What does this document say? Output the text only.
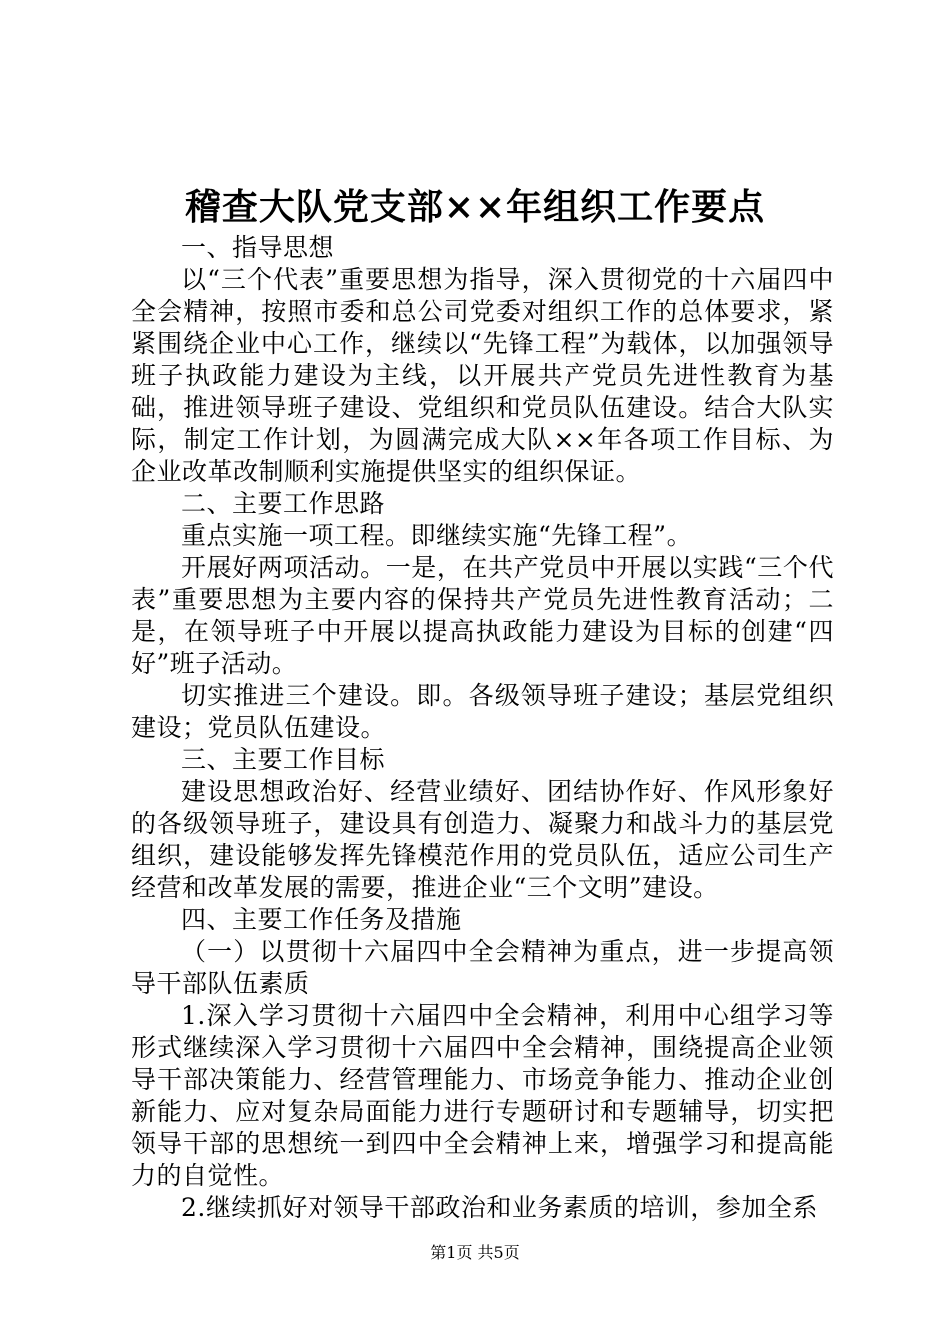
稽查大队党支部××年组织工作要点

一、指导思想

以“三个代表”重要思想为指导，深入贯彻党的十六届四中全会精神，按照市委和总公司党委对组织工作的总体要求，紧紧围绕企业中心工作，继续以“先锋工程”为载体，以加强领导班子执政能力建设为主线，以开展共产党员先进性教育为基础，推进领导班子建设、党组织和党员队伍建设。结合大队实际，制定工作计划，为圆满完成大队××年各项工作目标、为企业改革改制顺利实施提供坚实的组织保证。

二、主要工作思路

重点实施一项工程。即继续实施“先锋工程”。

开展好两项活动。一是，在共产党员中开展以实践“三个代表”重要思想为主要内容的保持共产党员先进性教育活动；二是，在领导班子中开展以提高执政能力建设为目标的创建“四好”班子活动。

切实推进三个建设。即。各级领导班子建设；基层党组织建设；党员队伍建设。

三、主要工作目标

建设思想政治好、经营业绩好、团结协作好、作风形象好的各级领导班子，建设具有创造力、凝聚力和战斗力的基层党组织，建设能够发挥先锋模范作用的党员队伍，适应公司生产经营和改革发展的需要，推进企业“三个文明”建设。

四、主要工作任务及措施

（一）以贯彻十六届四中全会精神为重点，进一步提高领导干部队伍素质

1.深入学习贯彻十六届四中全会精神，利用中心组学习等形式继续深入学习贯彻十六届四中全会精神，围绕提高企业领导干部决策能力、经营管理能力、市场竞争能力、推动企业创新能力、应对复杂局面能力进行专题研讨和专题辅导，切实把领导干部的思想统一到四中全会精神上来，增强学习和提高能力的自觉性。

2.继续抓好对领导干部政治和业务素质的培训，参加全系

第1页 共5页
